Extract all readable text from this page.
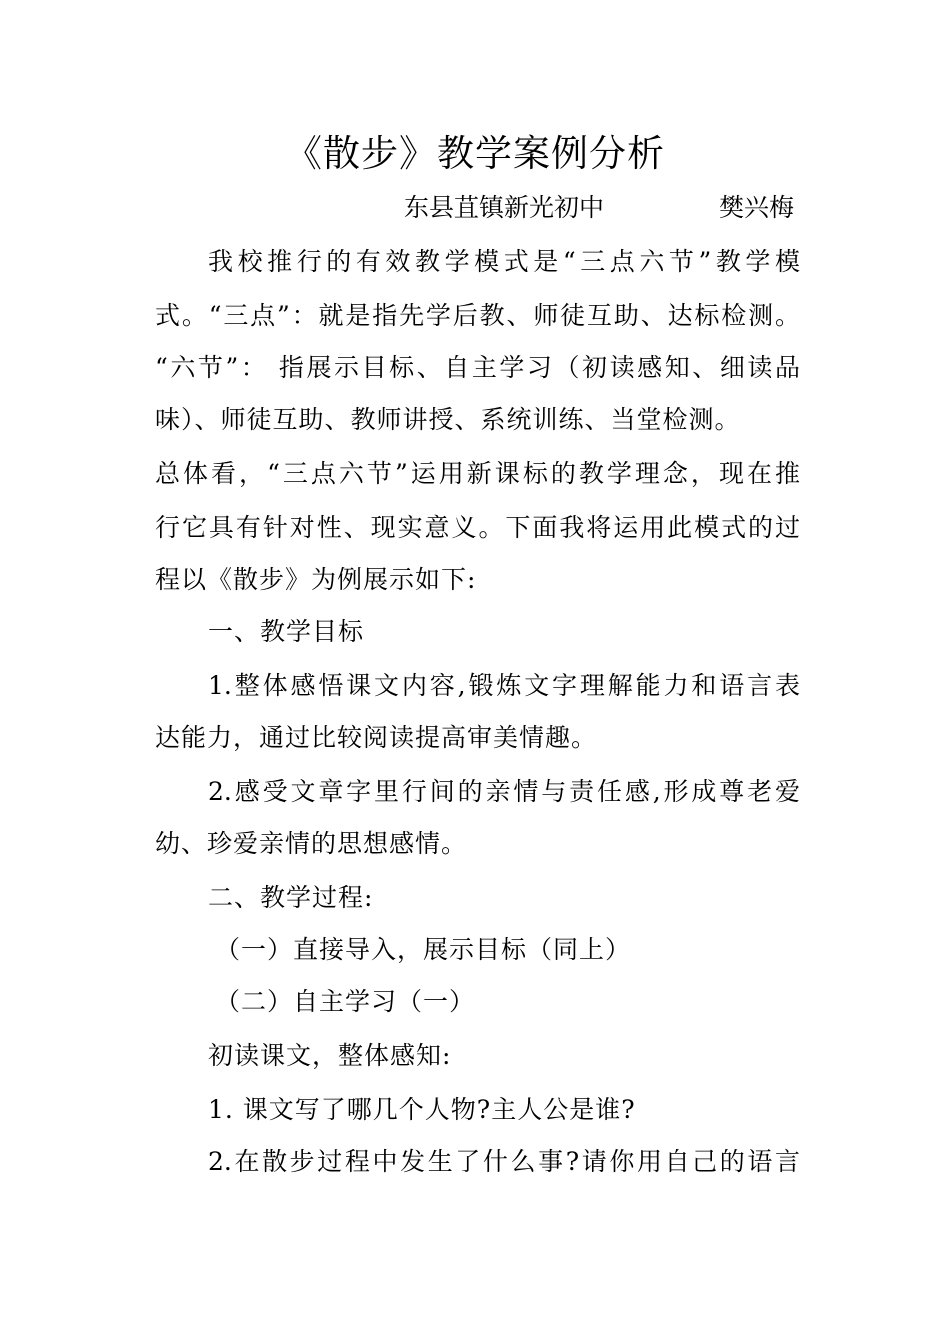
《散步》教学案例分析
东县苴镇新光初中	樊兴梅
我校推行的有效教学模式是“三点六节”教学模
式。“三点”：就是指先学后教、师徒互助、达标检测。
“六节”： 指展示目标、自主学习（初读感知、细读品
味）、师徒互助、教师讲授、系统训练、当堂检测。
总体看，“三点六节”运用新课标的教学理念，现在推
行它具有针对性、现实意义。下面我将运用此模式的过
程以《散步》为例展示如下:
一、教学目标
1.整体感悟课文内容,锻炼文字理解能力和语言表
达能力，通过比较阅读提高审美情趣。
2.感受文章字里行间的亲情与责任感,形成尊老爱
幼、珍爱亲情的思想感情。
二、教学过程:
（一）直接导入，展示目标（同上）
（二）自主学习（一）
初读课文，整体感知:
1. 课文写了哪几个人物?主人公是谁?
2.在散步过程中发生了什么事?请你用自己的语言
